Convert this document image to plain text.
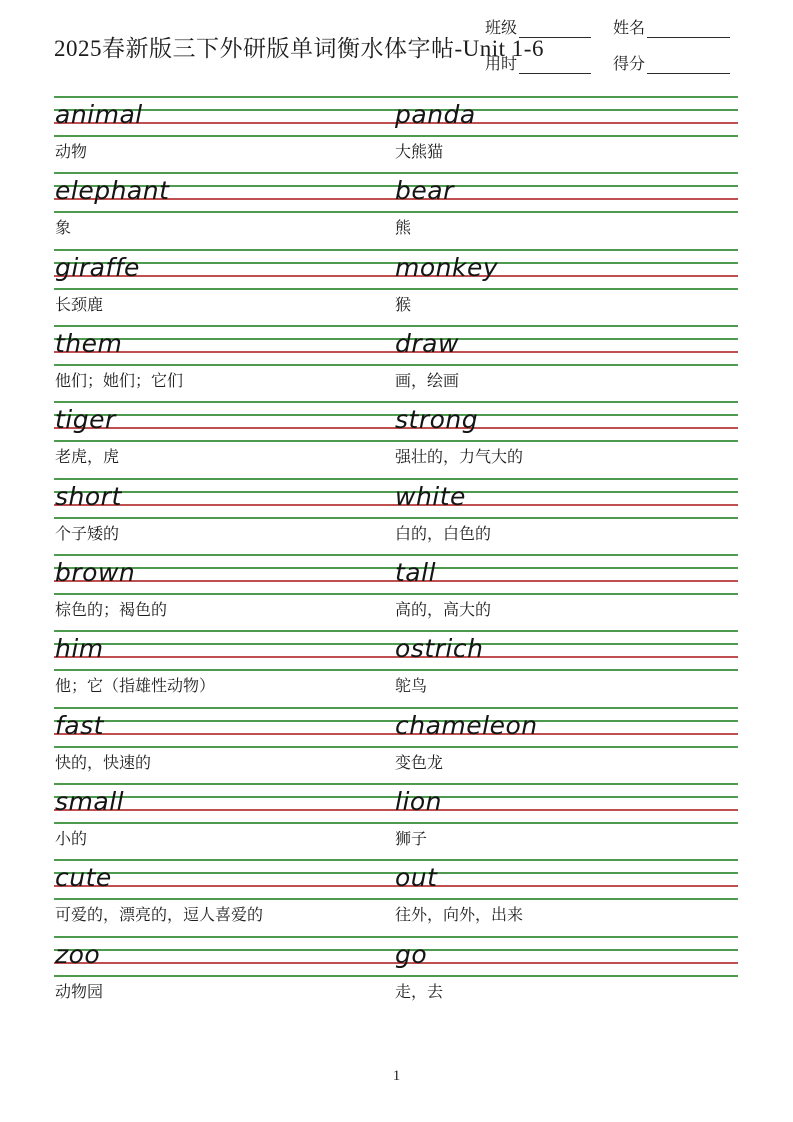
2025春新版三下外研版单词衡水体字帖-Unit 1-6
班级	姓名
用时	得分
animal	panda
动物	大熊猫
elephant	bear
象	熊
giraffe	monkey
长颈鹿	猴
them	draw
他们；她们；它们	画，绘画
tiger	strong
老虎，虎	强壮的，力气大的
short	white
个子矮的	白的，白色的
brown	tall
棕色的；褐色的	高的，高大的
him	ostrich
他；它（指雄性动物）	鸵鸟
fast	chameleon
快的，快速的	变色龙
small	lion
小的	狮子
cute	out
可爱的，漂亮的，逗人喜爱的	往外，向外，出来
zoo	go
动物园	走，去
1
